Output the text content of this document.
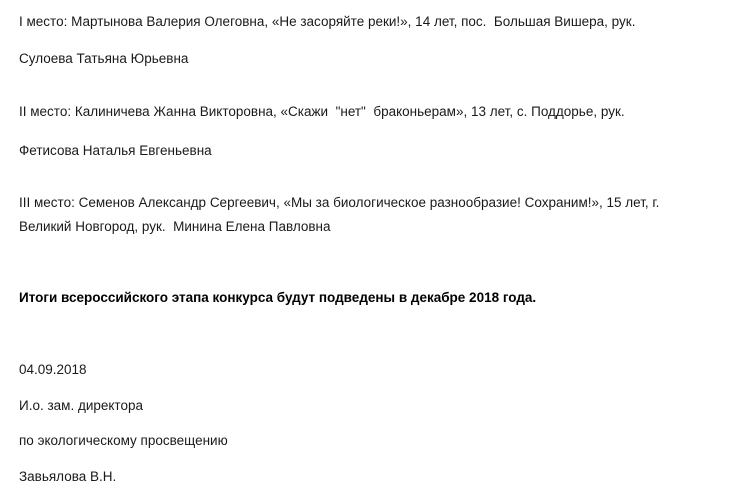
I место: Мартынова Валерия Олеговна, «Не засоряйте реки!», 14 лет, пос.  Большая Вишера, рук.
Сулоева Татьяна Юрьевна
II место: Калиничева Жанна Викторовна, «Скажи  "нет"  браконьерам», 13 лет, с. Поддорье, рук.
Фетисова Наталья Евгеньевна
III место: Семенов Александр Сергеевич, «Мы за биологическое разнообразие! Сохраним!», 15 лет, г.
Великий Новгород, рук.  Минина Елена Павловна
Итоги всероссийского этапа конкурса будут подведены в декабре 2018 года.
04.09.2018
И.о. зам. директора
по экологическому просвещению
Завьялова В.Н.
